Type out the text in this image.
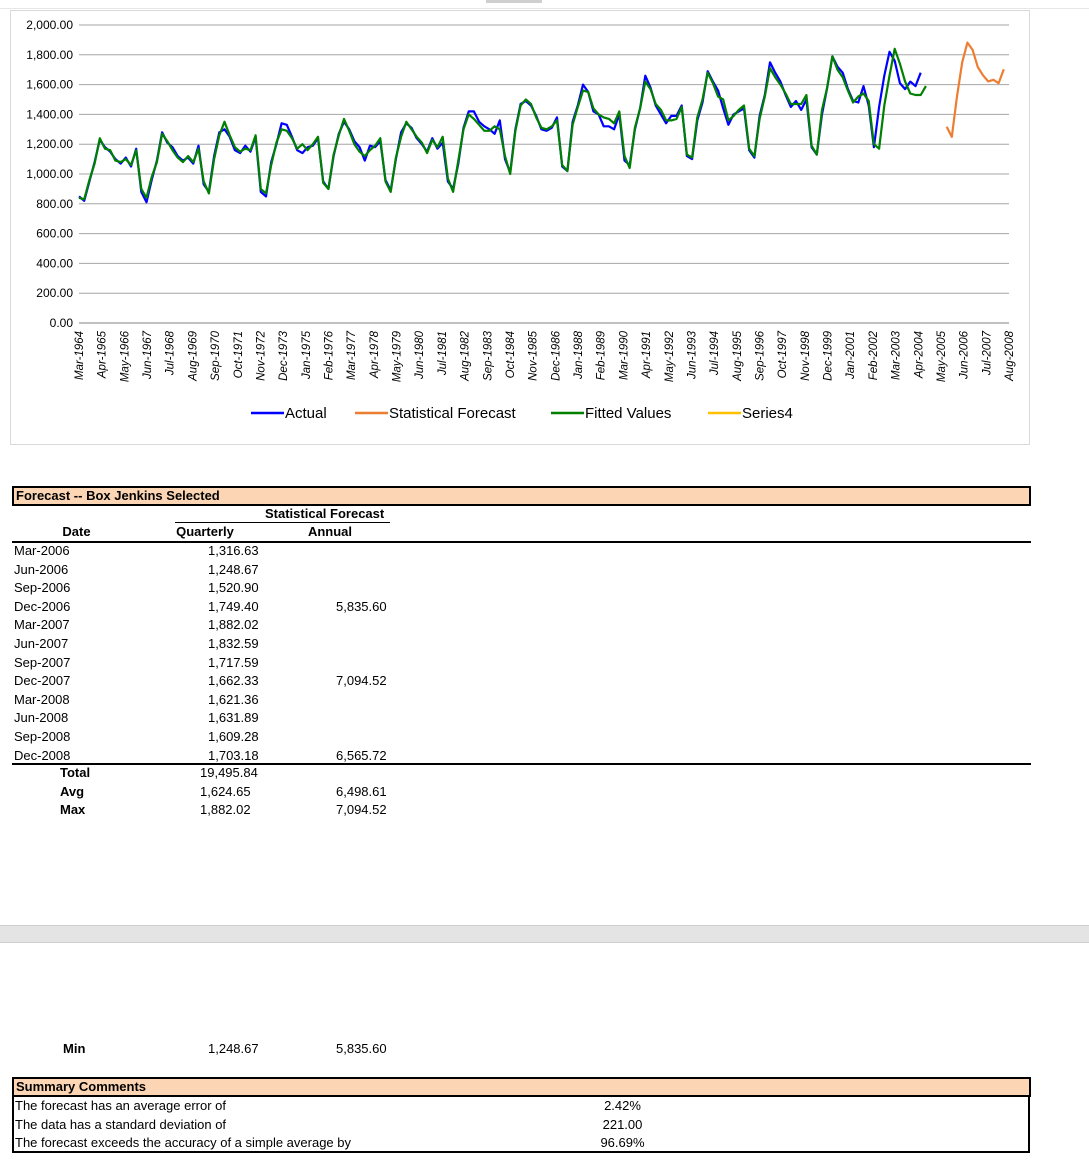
2,000.00
1,800.00
1,600.00
1,400.00
1,200.00
1,000.00
800.00
600.00
400.00
200.00
0.00
Mar-1964 Apr-1965 May-1966 Jun-1967 Jul-1968 Aug-1969 Sep-1970 Oct-1971 Nov-1972 Dec-1973 Jan-1975 Feb-1976 Mar-1977 Apr-1978 May-1979 Jun-1980 Jul-1981 Aug-1982 Sep-1983 Oct-1984 Nov-1985 Dec-1986 Jan-1988 Feb-1989 Mar-1990 Apr-1991 May-1992 Jun-1993 Jul-1994 Aug-1995 Sep-1996 Oct-1997 Nov-1998 Dec-1999 Jan-2001 Feb-2002 Mar-2003 Apr-2004 May-2005 Jun-2006 Jul-2007 Aug-2008
Actual	Statistical Forecast	Fitted Values	Series4
Forecast -- Box Jenkins Selected
Statistical Forecast
Date	Quarterly	Annual
Mar-2006	1,316.63
Jun-2006	1,248.67
Sep-2006	1,520.90
Dec-2006	1,749.40	5,835.60
Mar-2007	1,882.02
Jun-2007	1,832.59
Sep-2007	1,717.59
Dec-2007	1,662.33	7,094.52
Mar-2008	1,621.36
Jun-2008	1,631.89
Sep-2008	1,609.28
Dec-2008	1,703.18	6,565.72
Total	19,495.84
Avg	1,624.65	6,498.61
Max	1,882.02	7,094.52
Min	1,248.67	5,835.60
Summary Comments
The forecast has an average error of	2.42%
The data has a standard deviation of	221.00
The forecast exceeds the accuracy of a simple average by	96.69%
